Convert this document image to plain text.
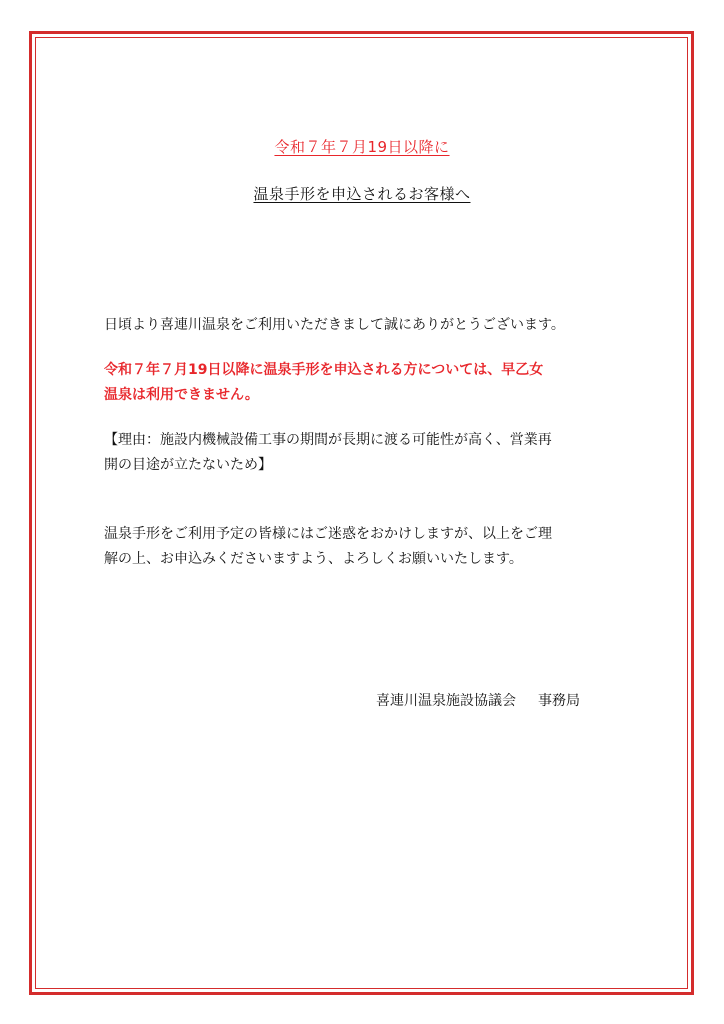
令和７年７月19日以降に
温泉手形を申込されるお客様へ
日頃より喜連川温泉をご利用いただきまして誠にありがとうございます。
令和７年７月19日以降に温泉手形を申込される方については、早乙女
温泉は利用できません。
【理由：施設内機械設備工事の期間が長期に渡る可能性が高く、営業再
開の目途が立たないため】
温泉手形をご利用予定の皆様にはご迷惑をおかけしますが、以上をご理
解の上、お申込みくださいますよう、よろしくお願いいたします。
喜連川温泉施設協議会 事務局
